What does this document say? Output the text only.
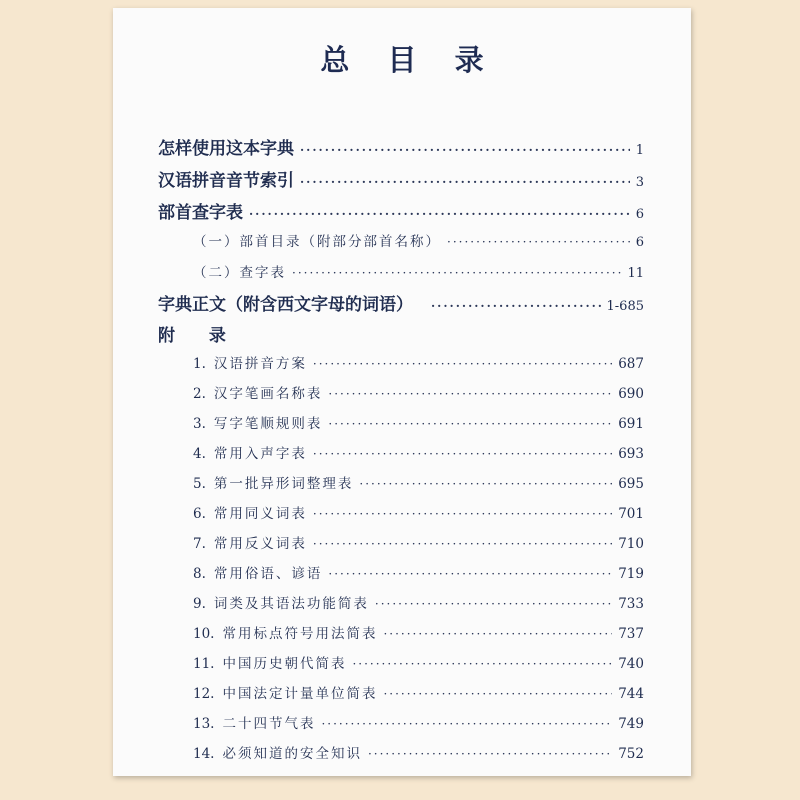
总 目 录
怎样使用这本字典 ·····	1
汉语拼音音节索引 ·····	3
部首查字表 ·····	6
（一）部首目录（附部分部首名称） ·····	6
（二）查字表 ·····	11
字典正文（附含西文字母的词语） ·····	1-685
附 录
1. 汉语拼音方案 ·····	687
2. 汉字笔画名称表 ·····	690
3. 写字笔顺规则表 ·····	691
4. 常用入声字表 ·····	693
5. 第一批异形词整理表 ·····	695
6. 常用同义词表 ·····	701
7. 常用反义词表 ·····	710
8. 常用俗语、谚语 ·····	719
9. 词类及其语法功能简表 ·····	733
10. 常用标点符号用法简表 ·····	737
11. 中国历史朝代简表 ·····	740
12. 中国法定计量单位简表 ·····	744
13. 二十四节气表 ·····	749
14. 必须知道的安全知识 ·····	752
